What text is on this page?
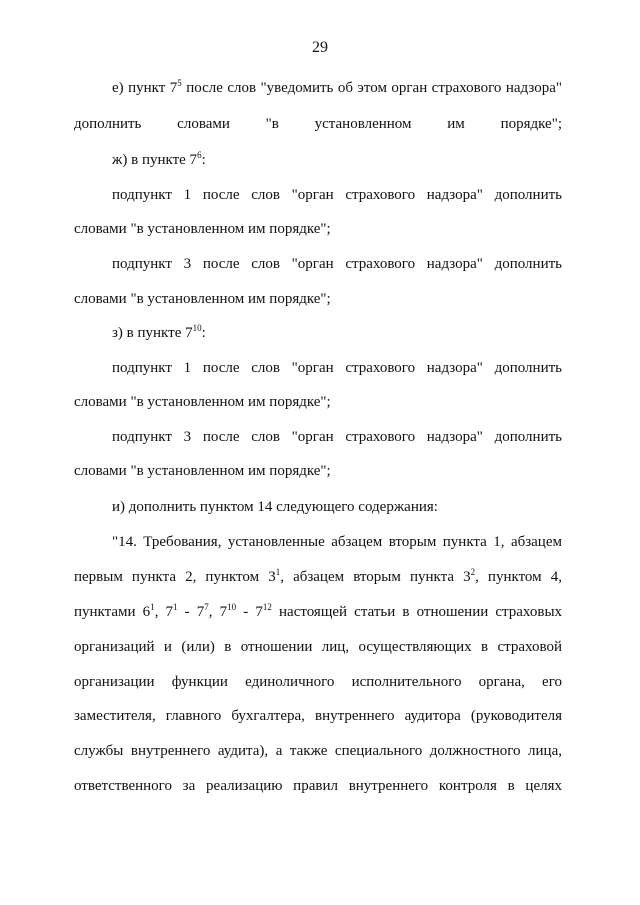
29
е) пункт $7^5$ после слов "уведомить об этом орган страхового надзора"
дополнить словами "в установленном им порядке";
ж) в пункте $7^6$:
подпункт 1 после слов "орган страхового надзора" дополнить
словами "в установленном им порядке";
подпункт 3 после слов "орган страхового надзора" дополнить
словами "в установленном им порядке";
з) в пункте $7^{10}$:
подпункт 1 после слов "орган страхового надзора" дополнить
словами "в установленном им порядке";
подпункт 3 после слов "орган страхового надзора" дополнить
словами "в установленном им порядке";
и) дополнить пунктом 14 следующего содержания:
"14. Требования, установленные абзацем вторым пункта 1, абзацем
первым пункта 2, пунктом $3^1$, абзацем вторым пункта $3^2$, пунктом 4,
пунктами $6^1$, $7^1 - 7^7$, $7^{10} - 7^{12}$ настоящей статьи в отношении страховых
организаций и (или) в отношении лиц, осуществляющих в страховой
организации функции единоличного исполнительного органа, его
заместителя, главного бухгалтера, внутреннего аудитора (руководителя
службы внутреннего аудита), а также специального должностного лица,
ответственного за реализацию правил внутреннего контроля в целях
